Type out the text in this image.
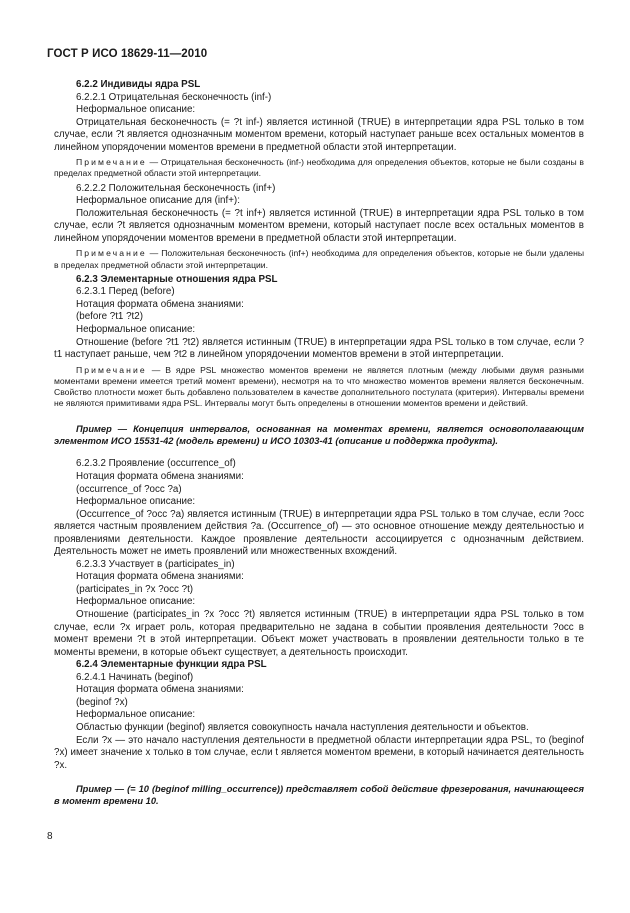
ГОСТ Р ИСО 18629-11—2010

6.2.2 Индивиды ядра PSL

6.2.2.1 Отрицательная бесконечность (inf-)

Неформальное описание:

Отрицательная бесконечность (= ?t inf-) является истинной (TRUE) в интерпретации ядра PSL только в том случае, если ?t является однозначным моментом времени, который наступает раньше всех остальных моментов в линейном упорядочении моментов времени в предметной области этой интерпретации.

Примечание — Отрицательная бесконечность (inf-) необходима для определения объектов, которые не были созданы в пределах предметной области этой интерпретации.

6.2.2.2 Положительная бесконечность (inf+)

Неформальное описание для (inf+):

Положительная бесконечность (= ?t inf+) является истинной (TRUE) в интерпретации ядра PSL только в том случае, если ?t является однозначным моментом времени, который наступает после всех остальных моментов в линейном упорядочении моментов времени в предметной области этой интерпретации.

Примечание — Положительная бесконечность (inf+) необходима для определения объектов, которые не были удалены в пределах предметной области этой интерпретации.

6.2.3 Элементарные отношения ядра PSL

6.2.3.1 Перед (before)

Нотация формата обмена знаниями:

(before ?t1 ?t2)

Неформальное описание:

Отношение (before ?t1 ?t2) является истинным (TRUE) в интерпретации ядра PSL только в том случае, если ?t1 наступает раньше, чем ?t2 в линейном упорядочении моментов времени в этой интерпретации.

Примечание — В ядре PSL множество моментов времени не является плотным (между любыми двумя разными моментами времени имеется третий момент времени), несмотря на то что множество моментов времени является бесконечным. Свойство плотности может быть добавлено пользователем в качестве дополнительного постулата (критерия). Интервалы времени не являются примитивами ядра PSL. Интервалы могут быть определены в отношении моментов времени и действий.

Пример — Концепция интервалов, основанная на моментах времени, является основополагающим элементом ИСО 15531-42 (модель времени) и ИСО 10303-41 (описание и поддержка продукта).

6.2.3.2 Проявление (occurrence_of)

Нотация формата обмена знаниями:

(occurrence_of ?occ ?a)

Неформальное описание:

(Occurrence_of ?occ ?a) является истинным (TRUE) в интерпретации ядра PSL только в том случае, если ?occ является частным проявлением действия ?a. (Occurrence_of) — это основное отношение между деятельностью и проявлениями деятельности. Каждое проявление деятельности ассоциируется с однозначным действием. Деятельность может не иметь проявлений или множественных вхождений.

6.2.3.3 Участвует в (participates_in)

Нотация формата обмена знаниями:

(participates_in ?x ?occ ?t)

Неформальное описание:

Отношение (participates_in ?x ?occ ?t) является истинным (TRUE) в интерпретации ядра PSL только в том случае, если ?x играет роль, которая предварительно не задана в событии проявления деятельности ?occ в момент времени ?t в этой интерпретации. Объект может участвовать в проявлении деятельности только в те моменты времени, в которые объект существует, а деятельность происходит.

6.2.4 Элементарные функции ядра PSL

6.2.4.1 Начинать (beginof)

Нотация формата обмена знаниями:

(beginof ?x)

Неформальное описание:

Областью функции (beginof) является совокупность начала наступления деятельности и объектов.

Если ?x — это начало наступления деятельности в предметной области интерпретации ядра PSL, то (beginof ?x) имеет значение x только в том случае, если t является моментом времени, в который начинается деятельность ?x.

Пример — (= 10 (beginof milling_occurrence)) представляет собой действие фрезерования, начинающееся в момент времени 10.

8
